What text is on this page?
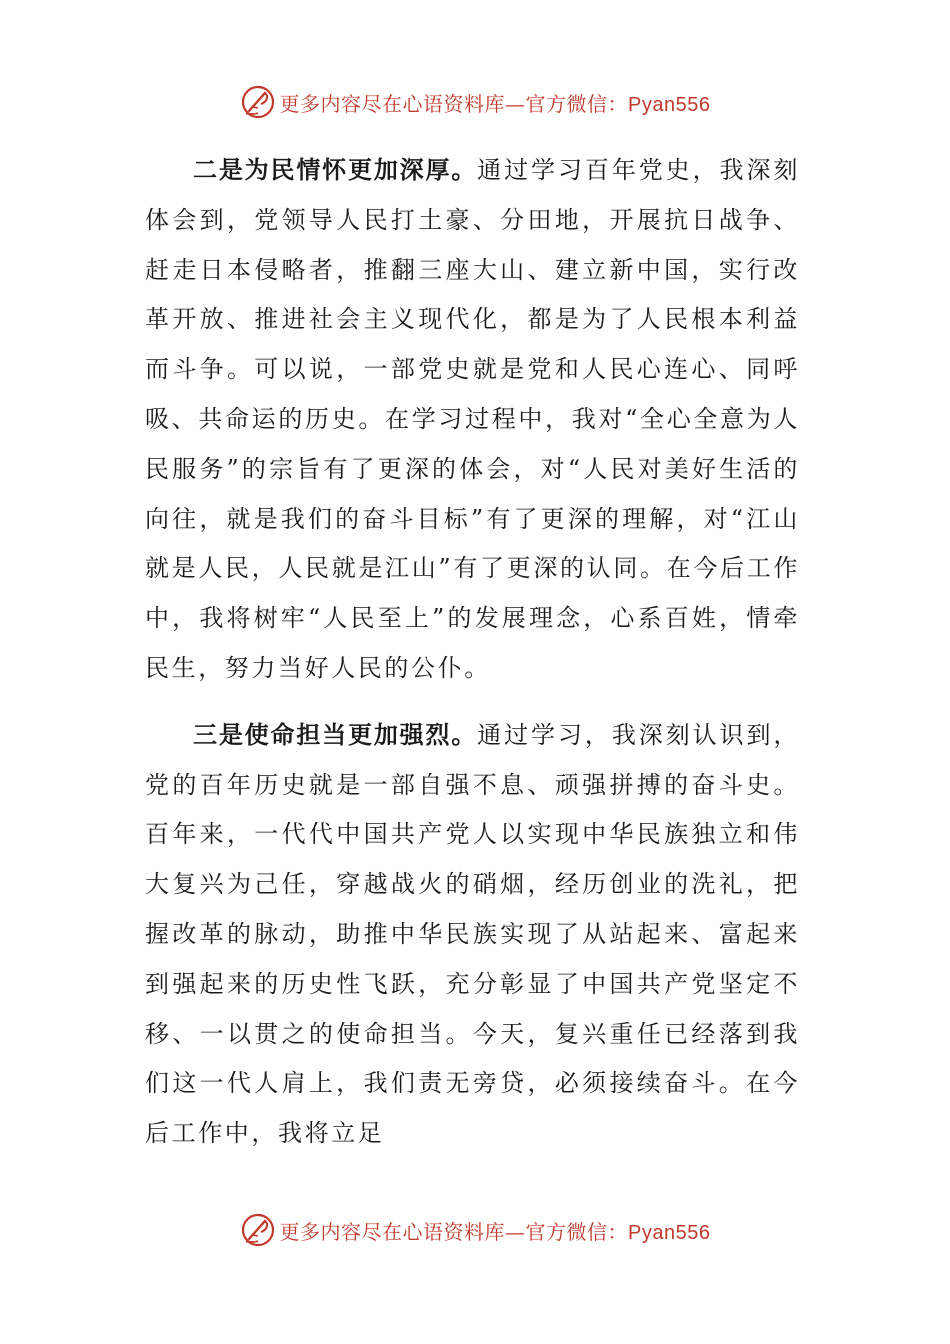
更多内容尽在心语资料库—官方微信：Pyan556

二是为民情怀更加深厚。通过学习百年党史，我深刻体会到，党领导人民打土豪、分田地，开展抗日战争、赶走日本侵略者，推翻三座大山、建立新中国，实行改革开放、推进社会主义现代化，都是为了人民根本利益而斗争。可以说，一部党史就是党和人民心连心、同呼吸、共命运的历史。在学习过程中，我对“全心全意为人民服务”的宗旨有了更深的体会，对“人民对美好生活的向往，就是我们的奋斗目标”有了更深的理解，对“江山就是人民，人民就是江山”有了更深的认同。在今后工作中，我将树牢“人民至上”的发展理念，心系百姓，情牵民生，努力当好人民的公仆。

三是使命担当更加强烈。通过学习，我深刻认识到，党的百年历史就是一部自强不息、顽强拼搏的奋斗史。百年来，一代代中国共产党人以实现中华民族独立和伟大复兴为己任，穿越战火的硝烟，经历创业的洗礼，把握改革的脉动，助推中华民族实现了从站起来、富起来到强起来的历史性飞跃，充分彰显了中国共产党坚定不移、一以贯之的使命担当。今天，复兴重任已经落到我们这一代人肩上，我们责无旁贷，必须接续奋斗。在今后工作中，我将立足

更多内容尽在心语资料库—官方微信：Pyan556
